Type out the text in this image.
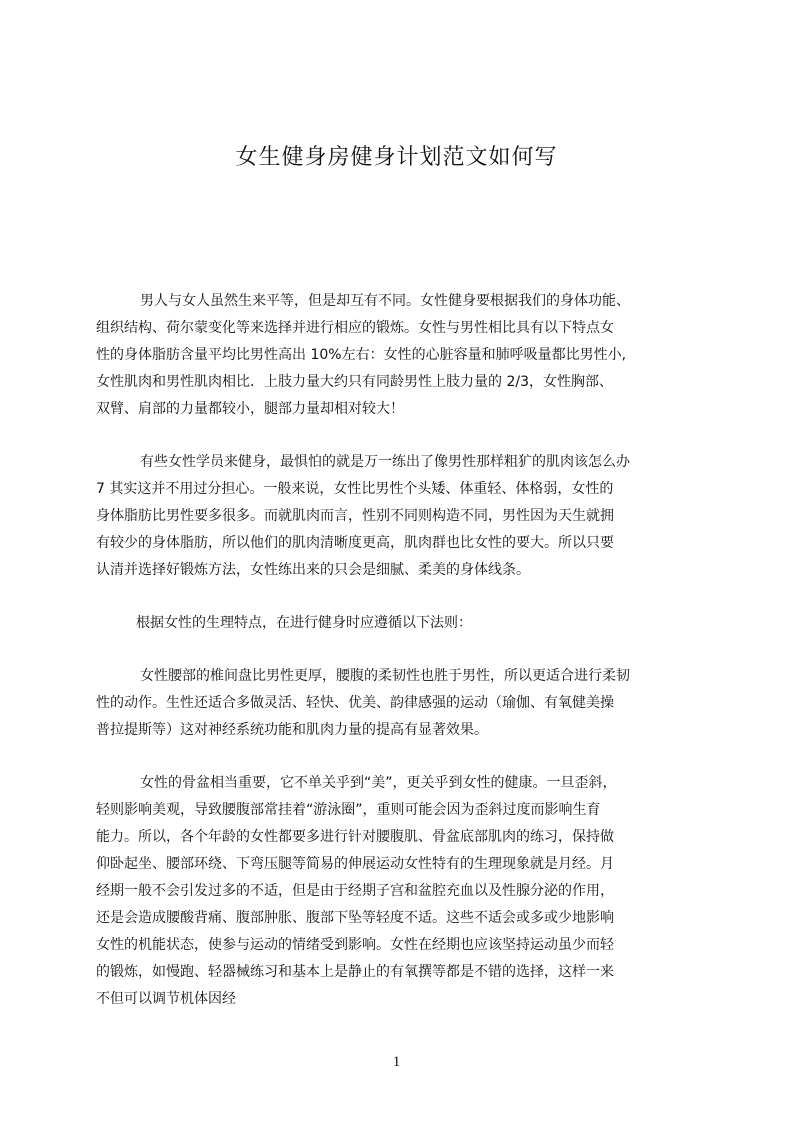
女生健身房健身计划范文如何写
男人与女人虽然生来平等，但是却互有不同。女性健身要根据我们的身体功能、
组织结构、荷尔蒙变化等来选择并进行相应的锻炼。女性与男性相比具有以下特点女
性的身体脂肪含量平均比男性高出 10%左右：女性的心脏容量和肺呼吸量都比男性小,
女性肌肉和男性肌肉相比．上肢力量大约只有同龄男性上肢力量的 2/3，女性胸部、
双臂、肩部的力量都较小，腿部力量却相对较大！
有些女性学员来健身，最惧怕的就是万一练出了像男性那样粗犷的肌肉该怎么办
7 其实这并不用过分担心。一般来说，女性比男性个头矮、体重轻、体格弱，女性的
身体脂肪比男性要多很多。而就肌肉而言，性别不同则构造不同，男性因为天生就拥
有较少的身体脂肪，所以他们的肌肉清晰度更高，肌肉群也比女性的要大。所以只要
认清并选择好锻炼方法，女性练出来的只会是细腻、柔美的身体线条。
根据女性的生理特点，在进行健身时应遵循以下法则：
女性腰部的椎间盘比男性更厚，腰腹的柔韧性也胜于男性，所以更适合进行柔韧
性的动作。生性还适合多做灵活、轻快、优美、韵律感强的运动（瑜伽、有氧健美操
普拉提斯等）这对神经系统功能和肌肉力量的提高有显著效果。
女性的骨盆相当重要，它不单关乎到“美”，更关乎到女性的健康。一旦歪斜，
轻则影响美观，导致腰腹部常挂着“游泳圈”，重则可能会因为歪斜过度而影响生育
能力。所以，各个年龄的女性都要多进行针对腰腹肌、骨盆底部肌肉的练习，保持做
仰卧起坐、腰部环绕、下弯压腿等简易的伸展运动女性特有的生理现象就是月经。月
经期一般不会引发过多的不适，但是由于经期子宫和盆腔充血以及性腺分泌的作用，
还是会造成腰酸背痛、腹部肿胀、腹部下坠等轻度不适。这些不适会或多或少地影响
女性的机能状态，使参与运动的情绪受到影响。女性在经期也应该坚持运动虽少而轻
的锻炼，如慢跑、轻器械练习和基本上是静止的有氧撰等都是不错的选择，这样一来
不但可以调节机体因经
1
